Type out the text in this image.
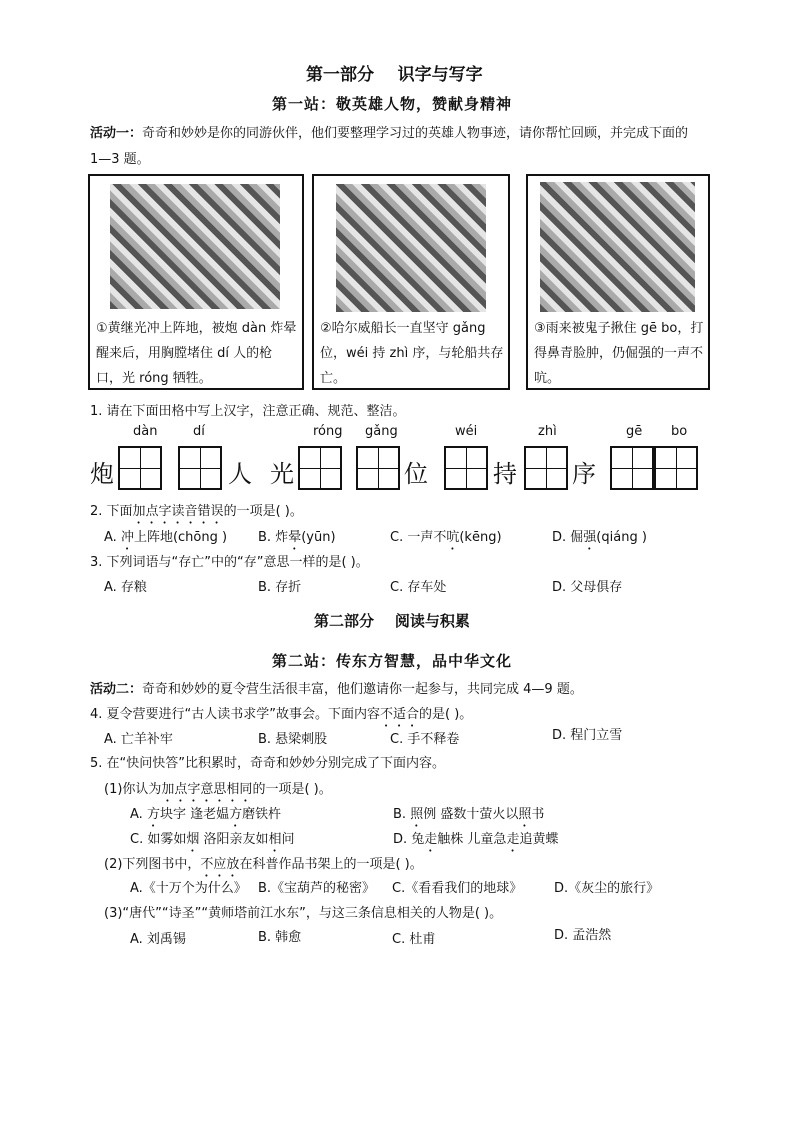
第一部分    识字与写字
第一站：敬英雄人物，赞献身精神
活动一：奇奇和妙妙是你的同游伙伴，他们要整理学习过的英雄人物事迹，请你帮忙回顾，并完成下面的
1—3 题。
①黄继光冲上阵地，被炮 dàn 炸晕醒来后，用胸膛堵住 dí 人的枪口，光 róng 牺牲。
②哈尔威船长一直坚守 gǎng 位，wéi 持 zhì 序，与轮船共存亡。
③雨来被鬼子揪住 gē bo，打得鼻青脸肿，仍倔强的一声不吭。
1. 请在下面田格中写上汉字，注意正确、规范、整洁。
dàn	dí	róng gǎng	wéi	zhì	gē bo
炮	人 光	位	持 序
2. 下面加点字读音错误的一项是( )。
A. 冲上阵地(chōng ) B. 炸晕(yūn)	C. 一声不吭(kēng)	D. 倔强(qiáng )
3. 下列词语与“存亡”中的“存”意思一样的是( )。
A. 存粮	B. 存折	C. 存车处	D. 父母俱存
第二部分    阅读与积累
第二站：传东方智慧，品中华文化
活动二：奇奇和妙妙的夏令营生活很丰富，他们邀请你一起参与，共同完成 4—9 题。
4. 夏令营要进行“古人读书求学”故事会。下面内容不适合的是( )。
A. 亡羊补牢	B. 悬梁刺股	C. 手不释卷	D. 程门立雪
5. 在“快问快答”比积累时，奇奇和妙妙分别完成了下面内容。
(1)你认为加点字意思相同的一项是( )。
A. 方块字 逢老媪方磨铁杵	B. 照例 盛数十萤火以照书
C. 如雾如烟 洛阳亲友如相问	D. 兔走触株 儿童急走追黄蝶
(2)下列图书中，不应放在科普作品书架上的一项是( )。
A.《十万个为什么》 B.《宝葫芦的秘密》 C.《看看我们的地球》 D.《灰尘的旅行》
(3)“唐代”“诗圣”“黄师塔前江水东”，与这三条信息相关的人物是( )。
A. 刘禹锡	B. 韩愈	C. 杜甫	D. 孟浩然
